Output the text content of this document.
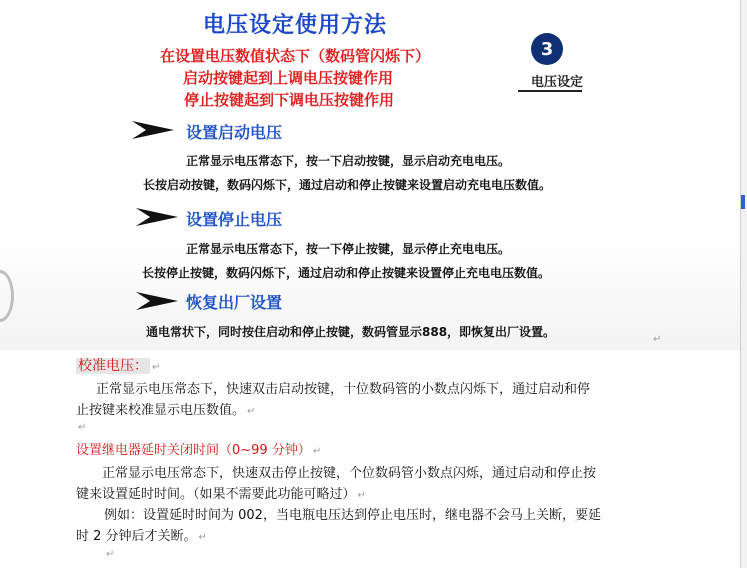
电压设定使用方法

在设置电压数值状态下（数码管闪烁下）

启动按键起到上调电压按键作用

停止按键起到下调电压按键作用

3
电压设定
设置启动电压

正常显示电压常态下，按一下启动按键，显示启动充电电压。

长按启动按键，数码闪烁下，通过启动和停止按键来设置启动充电电压数值。

设置停止电压

正常显示电压常态下，按一下停止按键，显示停止充电电压。

长按停止按键，数码闪烁下，通过启动和停止按键来设置停止充电电压数值。

恢复出厂设置

通电常状下，同时按住启动和停止按键，数码管显示888，即恢复出厂设置。

↵

校准电压： ↵

正常显示电压常态下，快速双击启动按键，十位数码管的小数点闪烁下，通过启动和停

止按键来校准显示电压数值。 ↵

↵

设置继电器延时关闭时间（0~99 分钟） ↵

正常显示电压常态下，快速双击停止按键，个位数码管小数点闪烁，通过启动和停止按

键来设置延时时间。（如果不需要此功能可略过） ↵

例如：设置延时时间为 002，当电瓶电压达到停止电压时，继电器不会马上关断，要延

时 2 分钟后才关断。 ↵

↵
